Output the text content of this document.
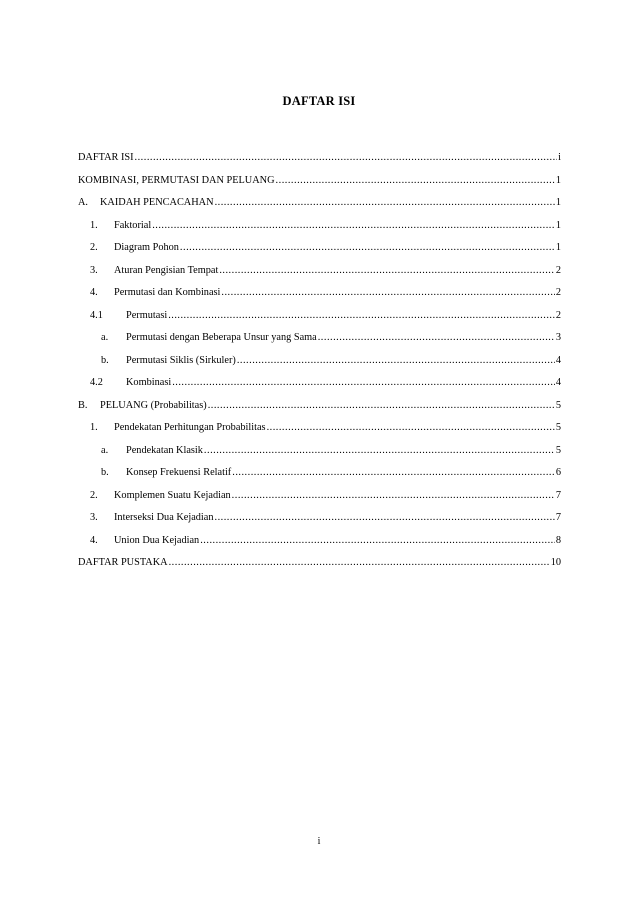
DAFTAR ISI
DAFTAR ISI .....	i
KOMBINASI, PERMUTASI DAN PELUANG .....	1
A.	KAIDAH PENCACAHAN .....	1
1.	Faktorial .....	1
2.	Diagram Pohon .....	1
3.	Aturan Pengisian Tempat .....	2
4.	Permutasi dan Kombinasi .....	2
4.1	Permutasi .....	2
a.	Permutasi dengan Beberapa Unsur yang Sama .....	3
b.	Permutasi Siklis (Sirkuler) .....	4
4.2	Kombinasi .....	4
B.	PELUANG (Probabilitas) .....	5
1.	Pendekatan Perhitungan Probabilitas .....	5
a.	Pendekatan Klasik .....	5
b.	Konsep Frekuensi Relatif .....	6
2.	Komplemen Suatu Kejadian .....	7
3.	Interseksi Dua Kejadian .....	7
4.	Union Dua Kejadian .....	8
DAFTAR PUSTAKA .....	10
i
